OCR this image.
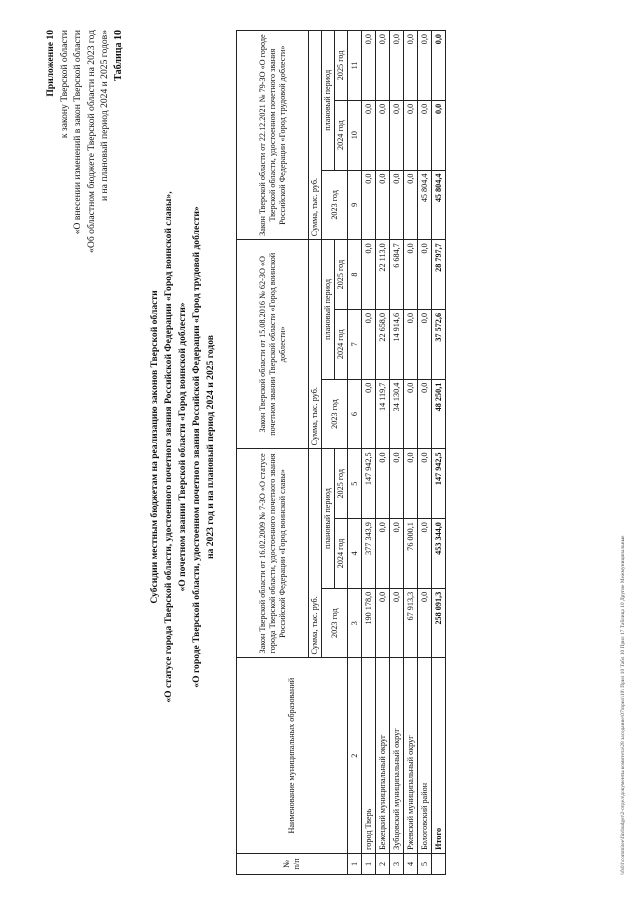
Приложение 10 к закону Тверской области «О внесении изменений в закон Тверской области «Об областном бюджете Тверской области на 2023 год и на плановый период 2024 и 2025 годов» Таблица 10
Субсидии местным бюджетам на реализацию законов Тверской области «О статусе города Тверской области, удостоенного почетного звания Российской Федерации «Город воинской славы», «О почетном звании Тверской области «Город воинской доблести» «О городе Тверской области, удостоенном почетного звания Российской Федерации «Город трудовой доблести» на 2023 год и на плановый период 2024 и 2025 годов
№ п/п	Наименование муниципальных образований	Закон Тверской области от 16.02.2009 № 7-ЗО «О статусе города Тверской области, удостоенного почетного звания Российской Федерации «Город воинской славы»			Закон Тверской области от 15.08.2016 № 62-ЗО «О почетном звании Тверской области «Город воинской доблести»			Закон Тверской области от 22.12.2021 № 79-ЗО «О городе Тверской области, удостоенном почетного звания Российской Федерации «Город трудовой доблести»		
		Сумма, тыс. руб.			Сумма, тыс. руб.			Сумма, тыс. руб.		
		2023 год	плановый период		2023 год	плановый период		2023 год	плановый период	
			2024 год	2025 год		2024 год	2025 год		2024 год	2025 год
1	2	3	4	5	6	7	8	9	10	11
1	город Тверь	190 178,0	377 343,9	147 942,5	0,0	0,0	0,0	0,0	0,0	0,0
2	Бежецкий муниципальный округ	0,0	0,0	0,0	14 119,7	22 658,0	22 113,0	0,0	0,0	0,0
3	Зубцовский муниципальный округ	0,0	0,0	0,0	34 130,4	14 914,6	6 684,7	0,0	0,0	0,0
4	Ржевский муниципальный округ	67 913,3	76 000,1	0,0	0,0	0,0	0,0	0,0	0,0	0,0
5	Бологовский район	0,0	0,0	0,0	0,0	0,0	0,0	45 804,4	0,0	0,0
	Итого	258 091,3	453 344,0	147 942,5	48 250,1	37 572,6	28 797,7	45 804,4	0,0	0,0
\\fs01\commitee\fin\budget\2-отдел\документы комитета\28 заседание\07\прил\10\ Прил 10 Табл 10 Прил 17 Таблица 10 Другие Межмуниципальные
